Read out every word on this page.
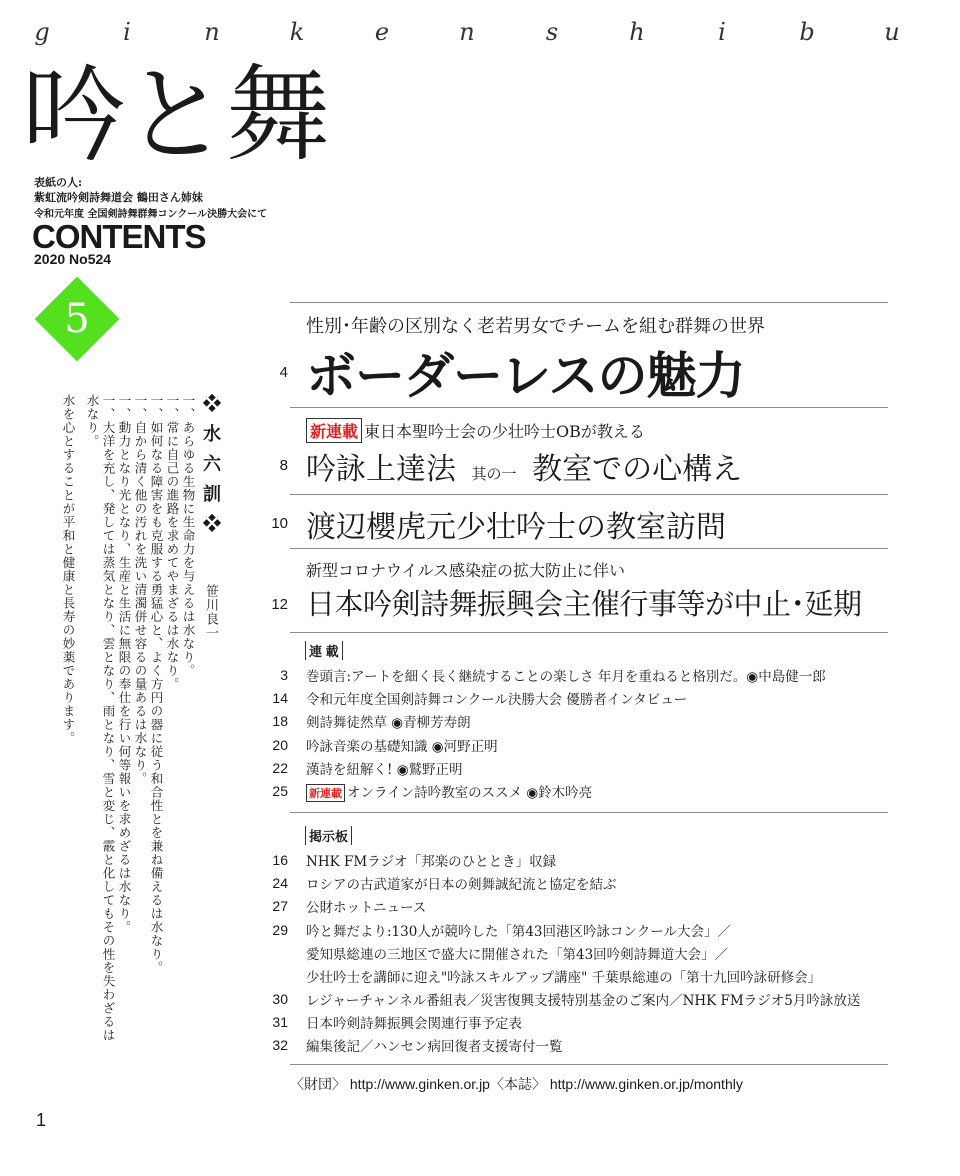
g	i	n	k	e	n	s	h	i	b	u
吟と舞
表紙の人:
紫虹流吟剣詩舞道会 鶴田さん姉妹
令和元年度 全国剣詩舞群舞コンクール決勝大会にて
CONTENTS
2020 No524
5
❖水六訓❖笹川良一
一、あらゆる生物に生命力を与えるは水なり。
一、常に自己の進路を求めてやまざるは水なり。
一、如何なる障害をも克服する勇猛心と、よく方円の器に従う和合性とを兼ね備えるは水なり。
一、自から清く他の汚れを洗い清濁併せ容るの量あるは水なり。
一、動力となり光となり、生産と生活に無限の奉仕を行い何等報いを求めざるは水なり。
一、大洋を充し、発しては蒸気となり、雲となり、雨となり、雪と変じ、霰と化してもその性を失わざるは水なり。
水を心とすることが平和と健康と長寿の妙薬であります。
性別･年齢の区別なく老若男女でチームを組む群舞の世界
4 ボーダーレスの魅力
新連載 東日本聖吟士会の少壮吟士OBが教える
8 吟詠上達法 其の一 教室での心構え
10 渡辺櫻虎元少壮吟士の教室訪問
新型コロナウイルス感染症の拡大防止に伴い
12 日本吟剣詩舞振興会主催行事等が中止･延期
連 載
3 巻頭言:アートを細く長く継続することの楽しさ 年月を重ねると格別だ。◉中島健一郎
14 令和元年度全国剣詩舞コンクール決勝大会 優勝者インタビュー
18 剣詩舞徒然草 ◉青柳芳寿朗
20 吟詠音楽の基礎知識 ◉河野正明
22 漢詩を紐解く! ◉鷲野正明
25 新連載 オンライン詩吟教室のススメ ◉鈴木吟亮
掲示板
16 NHK FMラジオ「邦楽のひととき」収録
24 ロシアの古武道家が日本の剣舞誠紀流と協定を結ぶ
27 公財ホットニュース
29 吟と舞だより:130人が競吟した「第43回港区吟詠コンクール大会」／
愛知県総連の三地区で盛大に開催された「第43回吟剣詩舞道大会」／
少壮吟士を講師に迎え"吟詠スキルアップ講座" 千葉県総連の「第十九回吟詠研修会」
30 レジャーチャンネル番組表／災害復興支援特別基金のご案内／NHK FMラジオ5月吟詠放送
31 日本吟剣詩舞振興会関連行事予定表
32 編集後記／ハンセン病回復者支援寄付一覧
〈財団〉 http://www.ginken.or.jp〈本誌〉 http://www.ginken.or.jp/monthly
1
